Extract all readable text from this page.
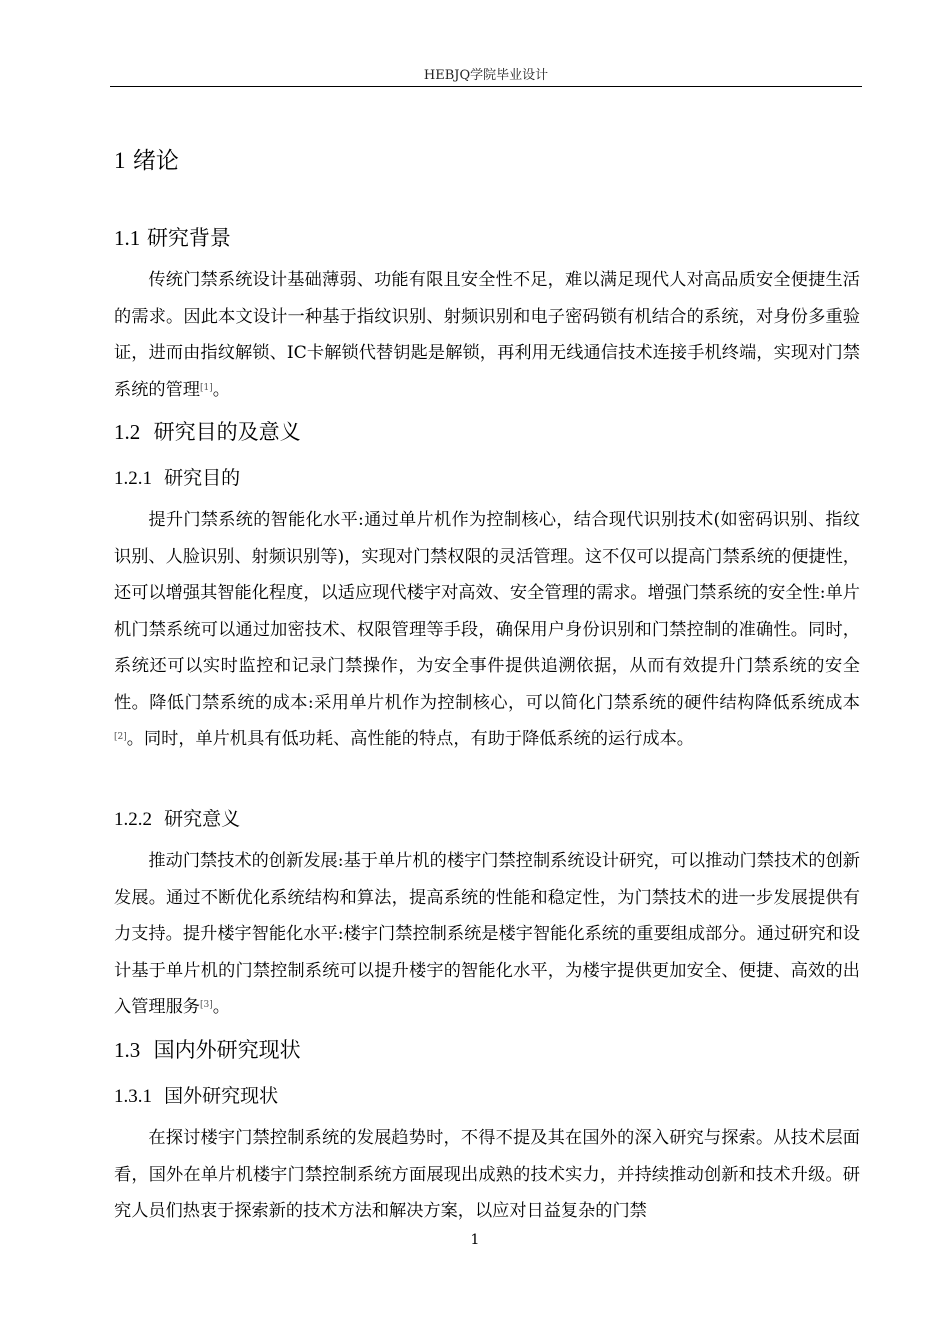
HEBJQ学院毕业设计
1 绪论
1.1 研究背景

传统门禁系统设计基础薄弱、功能有限且安全性不足，难以满足现代人对高品质安全便捷生活的需求。因此本文设计一种基于指纹识别、射频识别和电子密码锁有机结合的系统，对身份多重验证，进而由指纹解锁、IC卡解锁代替钥匙是解锁，再利用无线通信技术连接手机终端，实现对门禁系统的管理[1]。

1.2 研究目的及意义
1.2.1 研究目的

提升门禁系统的智能化水平:通过单片机作为控制核心，结合现代识别技术(如密码识别、指纹识别、人脸识别、射频识别等)，实现对门禁权限的灵活管理。这不仅可以提高门禁系统的便捷性，还可以增强其智能化程度，以适应现代楼宇对高效、安全管理的需求。增强门禁系统的安全性:单片机门禁系统可以通过加密技术、权限管理等手段，确保用户身份识别和门禁控制的准确性。同时，系统还可以实时监控和记录门禁操作，为安全事件提供追溯依据，从而有效提升门禁系统的安全性。降低门禁系统的成本:采用单片机作为控制核心，可以简化门禁系统的硬件结构降低系统成本[2]。同时，单片机具有低功耗、高性能的特点，有助于降低系统的运行成本。

1.2.2 研究意义

推动门禁技术的创新发展:基于单片机的楼宇门禁控制系统设计研究，可以推动门禁技术的创新发展。通过不断优化系统结构和算法，提高系统的性能和稳定性，为门禁技术的进一步发展提供有力支持。提升楼宇智能化水平:楼宇门禁控制系统是楼宇智能化系统的重要组成部分。通过研究和设计基于单片机的门禁控制系统可以提升楼宇的智能化水平，为楼宇提供更加安全、便捷、高效的出入管理服务[3]。

1.3 国内外研究现状
1.3.1 国外研究现状

在探讨楼宇门禁控制系统的发展趋势时，不得不提及其在国外的深入研究与探索。从技术层面看，国外在单片机楼宇门禁控制系统方面展现出成熟的技术实力，并持续推动创新和技术升级。研究人员们热衷于探索新的技术方法和解决方案，以应对日益复杂的门禁

1
